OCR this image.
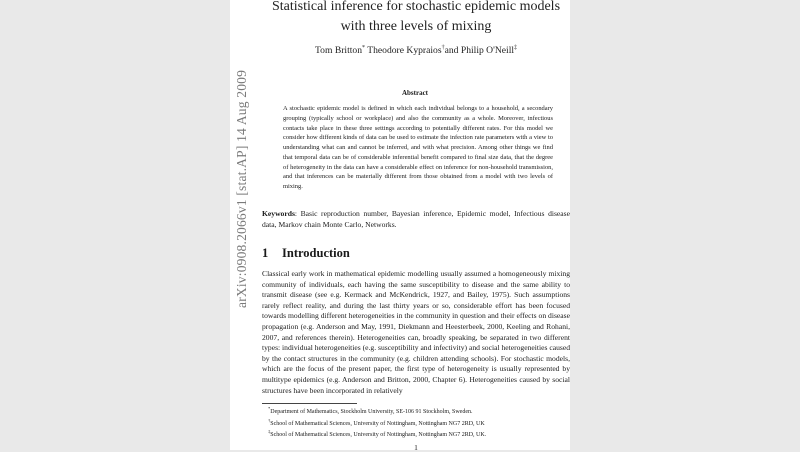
arXiv:0908.2066v1 [stat.AP] 14 Aug 2009
Statistical inference for stochastic epidemic models with three levels of mixing
Tom Britton* Theodore Kypraios†and Philip O'Neill‡
Abstract
A stochastic epidemic model is defined in which each individual belongs to a household, a secondary grouping (typically school or workplace) and also the community as a whole. Moreover, infectious contacts take place in these three settings according to potentially different rates. For this model we consider how different kinds of data can be used to estimate the infection rate parameters with a view to understanding what can and cannot be inferred, and with what precision. Among other things we find that temporal data can be of considerable inferential benefit compared to final size data, that the degree of heterogeneity in the data can have a considerable effect on inference for non-household transmission, and that inferences can be materially different from those obtained from a model with two levels of mixing.
Keywords: Basic reproduction number, Bayesian inference, Epidemic model, Infectious disease data, Markov chain Monte Carlo, Networks.
1 Introduction
Classical early work in mathematical epidemic modelling usually assumed a homogeneously mixing community of individuals, each having the same susceptibility to disease and the same ability to transmit disease (see e.g. Kermack and McKendrick, 1927, and Bailey, 1975). Such assumptions rarely reflect reality, and during the last thirty years or so, considerable effort has been focused towards modelling different heterogeneities in the community in question and their effects on disease propagation (e.g. Anderson and May, 1991, Diekmann and Heesterbeek, 2000, Keeling and Rohani, 2007, and references therein). Heterogeneities can, broadly speaking, be separated in two different types: individual heterogeneities (e.g. susceptibility and infectivity) and social heterogeneities caused by the contact structures in the community (e.g. children attending schools). For stochastic models, which are the focus of the present paper, the first type of heterogeneity is usually represented by multitype epidemics (e.g. Anderson and Britton, 2000, Chapter 6). Heterogeneities caused by social structures have been incorporated in relatively
*Department of Mathematics, Stockholm University, SE-106 91 Stockholm, Sweden.
†School of Mathematical Sciences, University of Nottingham, Nottingham NG7 2RD, UK
‡School of Mathematical Sciences, University of Nottingham, Nottingham NG7 2RD, UK.
1
